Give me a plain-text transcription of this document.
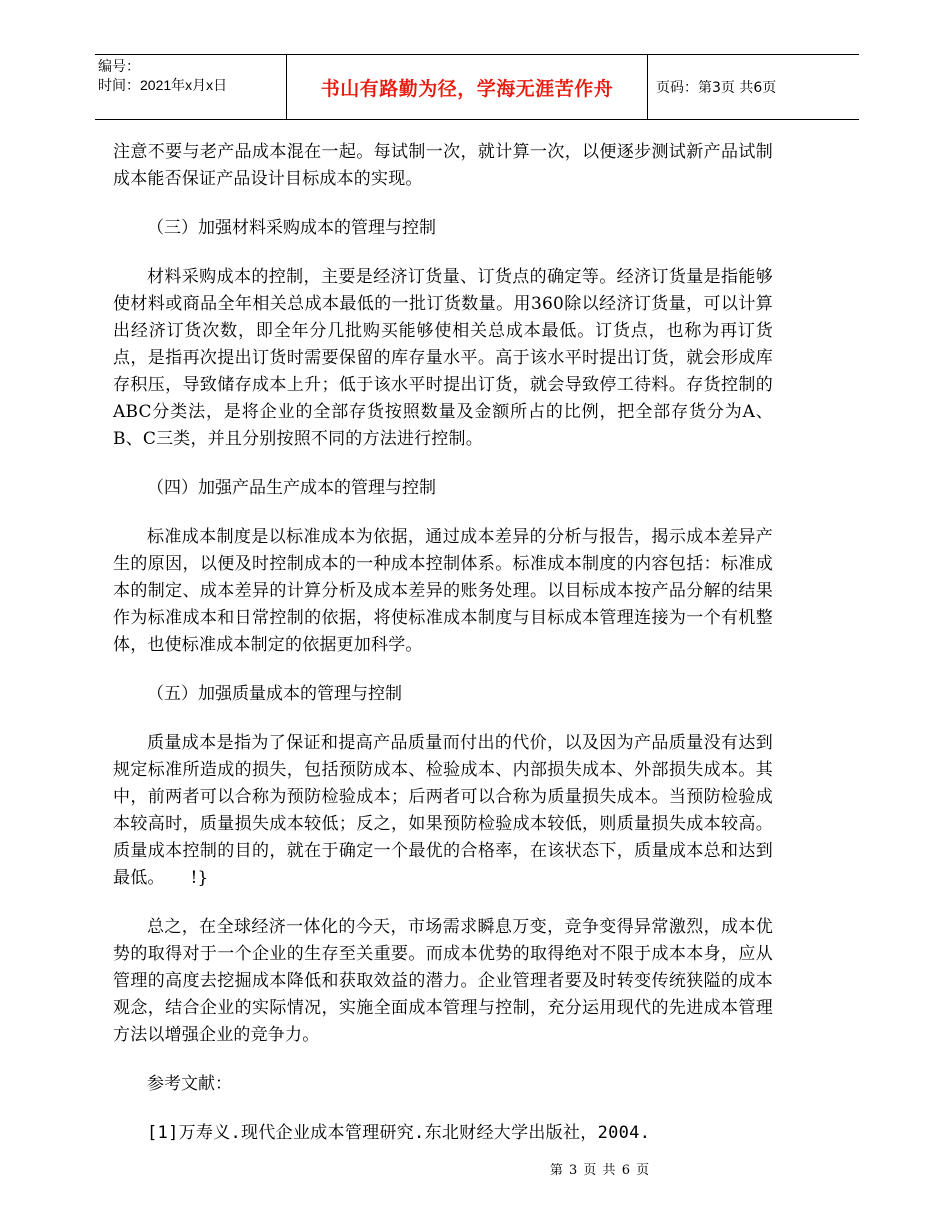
编号：
时间：2021年x月x日	书山有路勤为径，学海无涯苦作舟	页码：第3页 共6页

注意不要与老产品成本混在一起。每试制一次，就计算一次，以便逐步测试新产品试制成本能否保证产品设计目标成本的实现。

（三）加强材料采购成本的管理与控制

材料采购成本的控制，主要是经济订货量、订货点的确定等。经济订货量是指能够使材料或商品全年相关总成本最低的一批订货数量。用360除以经济订货量，可以计算出经济订货次数，即全年分几批购买能够使相关总成本最低。订货点，也称为再订货点，是指再次提出订货时需要保留的库存量水平。高于该水平时提出订货，就会形成库存积压，导致储存成本上升；低于该水平时提出订货，就会导致停工待料。存货控制的ABC分类法，是将企业的全部存货按照数量及金额所占的比例，把全部存货分为A、B、C三类，并且分别按照不同的方法进行控制。

（四）加强产品生产成本的管理与控制

标准成本制度是以标准成本为依据，通过成本差异的分析与报告，揭示成本差异产生的原因，以便及时控制成本的一种成本控制体系。标准成本制度的内容包括：标准成本的制定、成本差异的计算分析及成本差异的账务处理。以目标成本按产品分解的结果作为标准成本和日常控制的依据，将使标准成本制度与目标成本管理连接为一个有机整体，也使标准成本制定的依据更加科学。

（五）加强质量成本的管理与控制

质量成本是指为了保证和提高产品质量而付出的代价，以及因为产品质量没有达到规定标准所造成的损失，包括预防成本、检验成本、内部损失成本、外部损失成本。其中，前两者可以合称为预防检验成本；后两者可以合称为质量损失成本。当预防检验成本较高时，质量损失成本较低；反之，如果预防检验成本较低，则质量损失成本较高。质量成本控制的目的，就在于确定一个最优的合格率，在该状态下，质量成本总和达到最低。　　!}

总之，在全球经济一体化的今天，市场需求瞬息万变，竞争变得异常激烈，成本优势的取得对于一个企业的生存至关重要。而成本优势的取得绝对不限于成本本身，应从管理的高度去挖掘成本降低和获取效益的潜力。企业管理者要及时转变传统狭隘的成本观念，结合企业的实际情况，实施全面成本管理与控制，充分运用现代的先进成本管理方法以增强企业的竞争力。

参考文献：

[1]万寿义.现代企业成本管理研究.东北财经大学出版社，2004.

第 3 页 共 6 页
